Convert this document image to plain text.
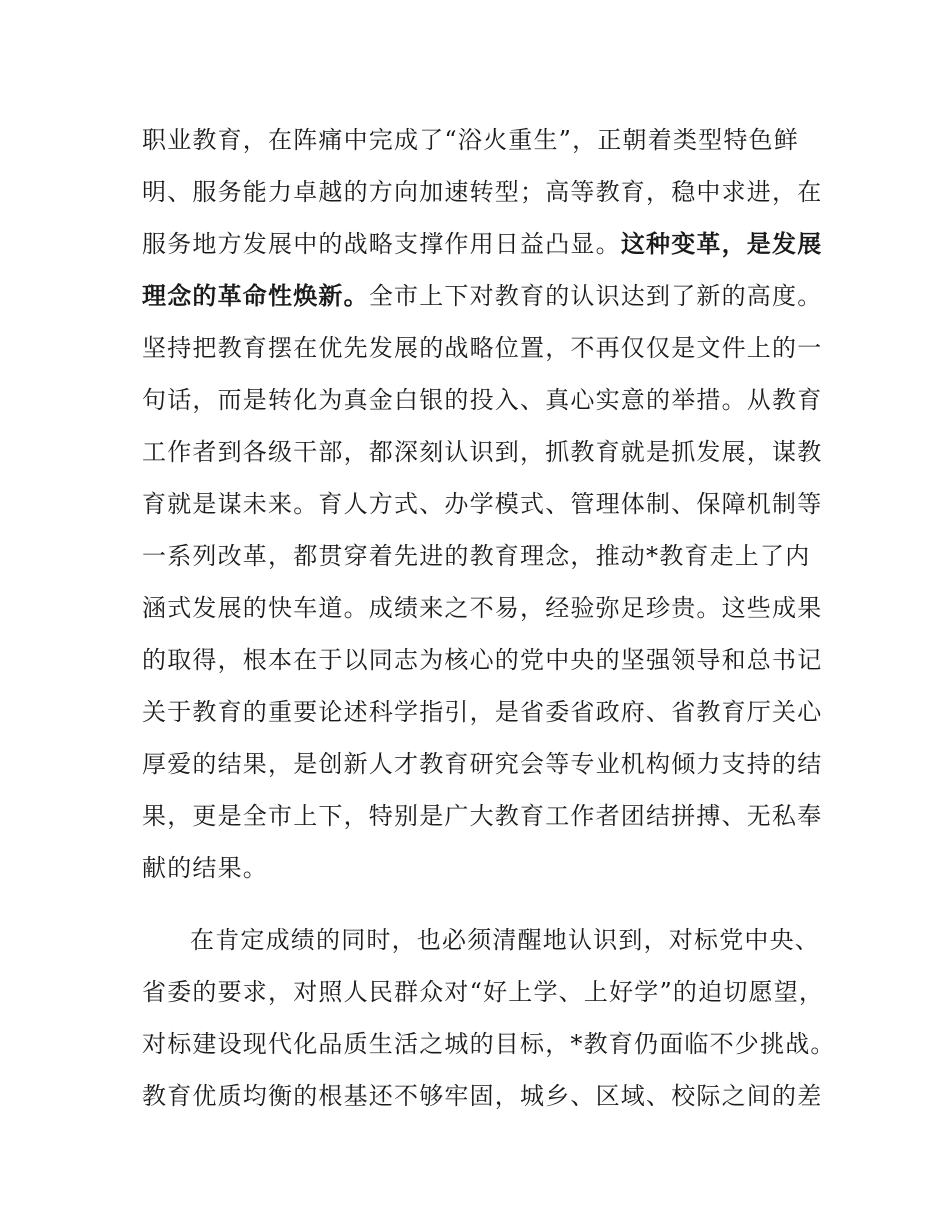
职业教育，在阵痛中完成了“浴火重生”，正朝着类型特色鲜
明、服务能力卓越的方向加速转型；高等教育，稳中求进，在
服务地方发展中的战略支撑作用日益凸显。这种变革，是发展
理念的革命性焕新。全市上下对教育的认识达到了新的高度。
坚持把教育摆在优先发展的战略位置，不再仅仅是文件上的一
句话，而是转化为真金白银的投入、真心实意的举措。从教育
工作者到各级干部，都深刻认识到，抓教育就是抓发展，谋教
育就是谋未来。育人方式、办学模式、管理体制、保障机制等
一系列改革，都贯穿着先进的教育理念，推动*教育走上了内
涵式发展的快车道。成绩来之不易，经验弥足珍贵。这些成果
的取得，根本在于以同志为核心的党中央的坚强领导和总书记
关于教育的重要论述科学指引，是省委省政府、省教育厅关心
厚爱的结果，是创新人才教育研究会等专业机构倾力支持的结
果，更是全市上下，特别是广大教育工作者团结拼搏、无私奉
献的结果。
在肯定成绩的同时，也必须清醒地认识到，对标党中央、
省委的要求，对照人民群众对“好上学、上好学”的迫切愿望，
对标建设现代化品质生活之城的目标，*教育仍面临不少挑战。
教育优质均衡的根基还不够牢固，城乡、区域、校际之间的差
